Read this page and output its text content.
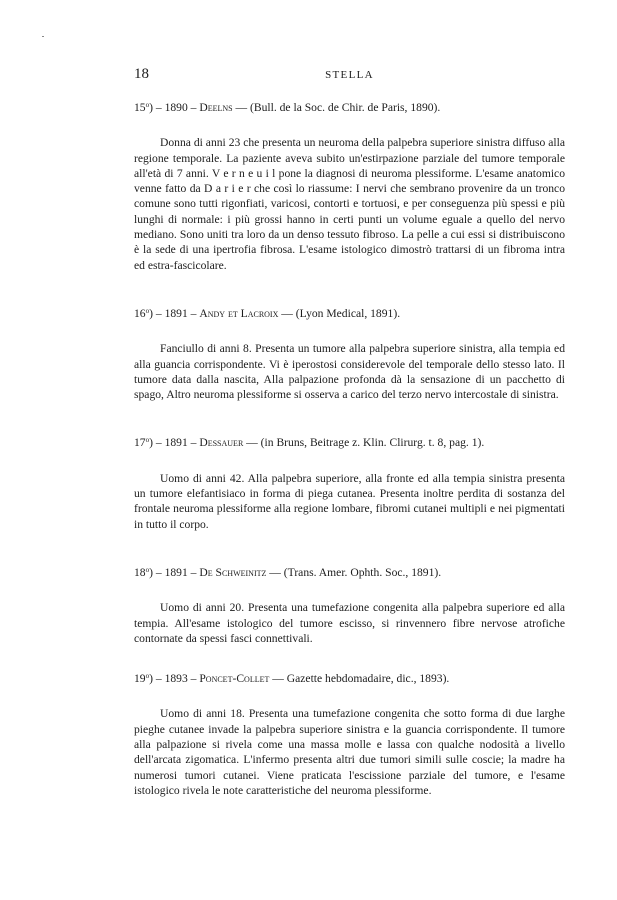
18	STELLA

15$^o$) – 1890 – Deelns — (Bull. de la Soc. de Chir. de Paris, 1890).

Donna di anni 23 che presenta un neuroma della palpebra superiore sinistra diffuso alla regione temporale. La paziente aveva subito un'estirpazione parziale del tumore temporale all'età di 7 anni. V e r n e u i l pone la diagnosi di neuroma plessiforme. L'esame anatomico venne fatto da D a r i e r che così lo riassume: I nervi che sembrano provenire da un tronco comune sono tutti rigonfiati, varicosi, contorti e tortuosi, e per conseguenza più spessi e più lunghi di normale: i più grossi hanno in certi punti un volume eguale a quello del nervo mediano. Sono uniti tra loro da un denso tessuto fibroso. La pelle a cui essi si distribuiscono è la sede di una ipertrofia fibrosa. L'esame istologico dimostrò trattarsi di un fibroma intra ed estra-fascicolare.

16$^o$) – 1891 – Andy et Lacroix — (Lyon Medical, 1891).

Fanciullo di anni 8. Presenta un tumore alla palpebra superiore sinistra, alla tempia ed alla guancia corrispondente. Vi è iperostosi considerevole del temporale dello stesso lato. Il tumore data dalla nascita, Alla palpazione profonda dà la sensazione di un pacchetto di spago, Altro neuroma plessiforme si osserva a carico del terzo nervo intercostale di sinistra.

17$^o$) – 1891 – Dessauer — (in Bruns, Beitrage z. Klin. Clirurg. t. 8, pag. 1).

Uomo di anni 42. Alla palpebra superiore, alla fronte ed alla tempia sinistra presenta un tumore elefantisiaco in forma di piega cutanea. Presenta inoltre perdita di sostanza del frontale neuroma plessiforme alla regione lombare, fibromi cutanei multipli e nei pigmentati in tutto il corpo.

18$^o$) – 1891 – De Schweinitz — (Trans. Amer. Ophth. Soc., 1891).

Uomo di anni 20. Presenta una tumefazione congenita alla palpebra superiore ed alla tempia. All'esame istologico del tumore escisso, si rinvennero fibre nervose atrofiche contornate da spessi fasci connettivali.

19$^o$) – 1893 – Poncet-Collet — Gazette hebdomadaire, dic., 1893).

Uomo di anni 18. Presenta una tumefazione congenita che sotto forma di due larghe pieghe cutanee invade la palpebra superiore sinistra e la guancia corrispondente. Il tumore alla palpazione si rivela come una massa molle e lassa con qualche nodosità a livello dell'arcata zigomatica. L'infermo presenta altri due tumori simili sulle coscie; la madre ha numerosi tumori cutanei. Viene praticata l'escissione parziale del tumore, e l'esame istologico rivela le note caratteristiche del neuroma plessiforme.
